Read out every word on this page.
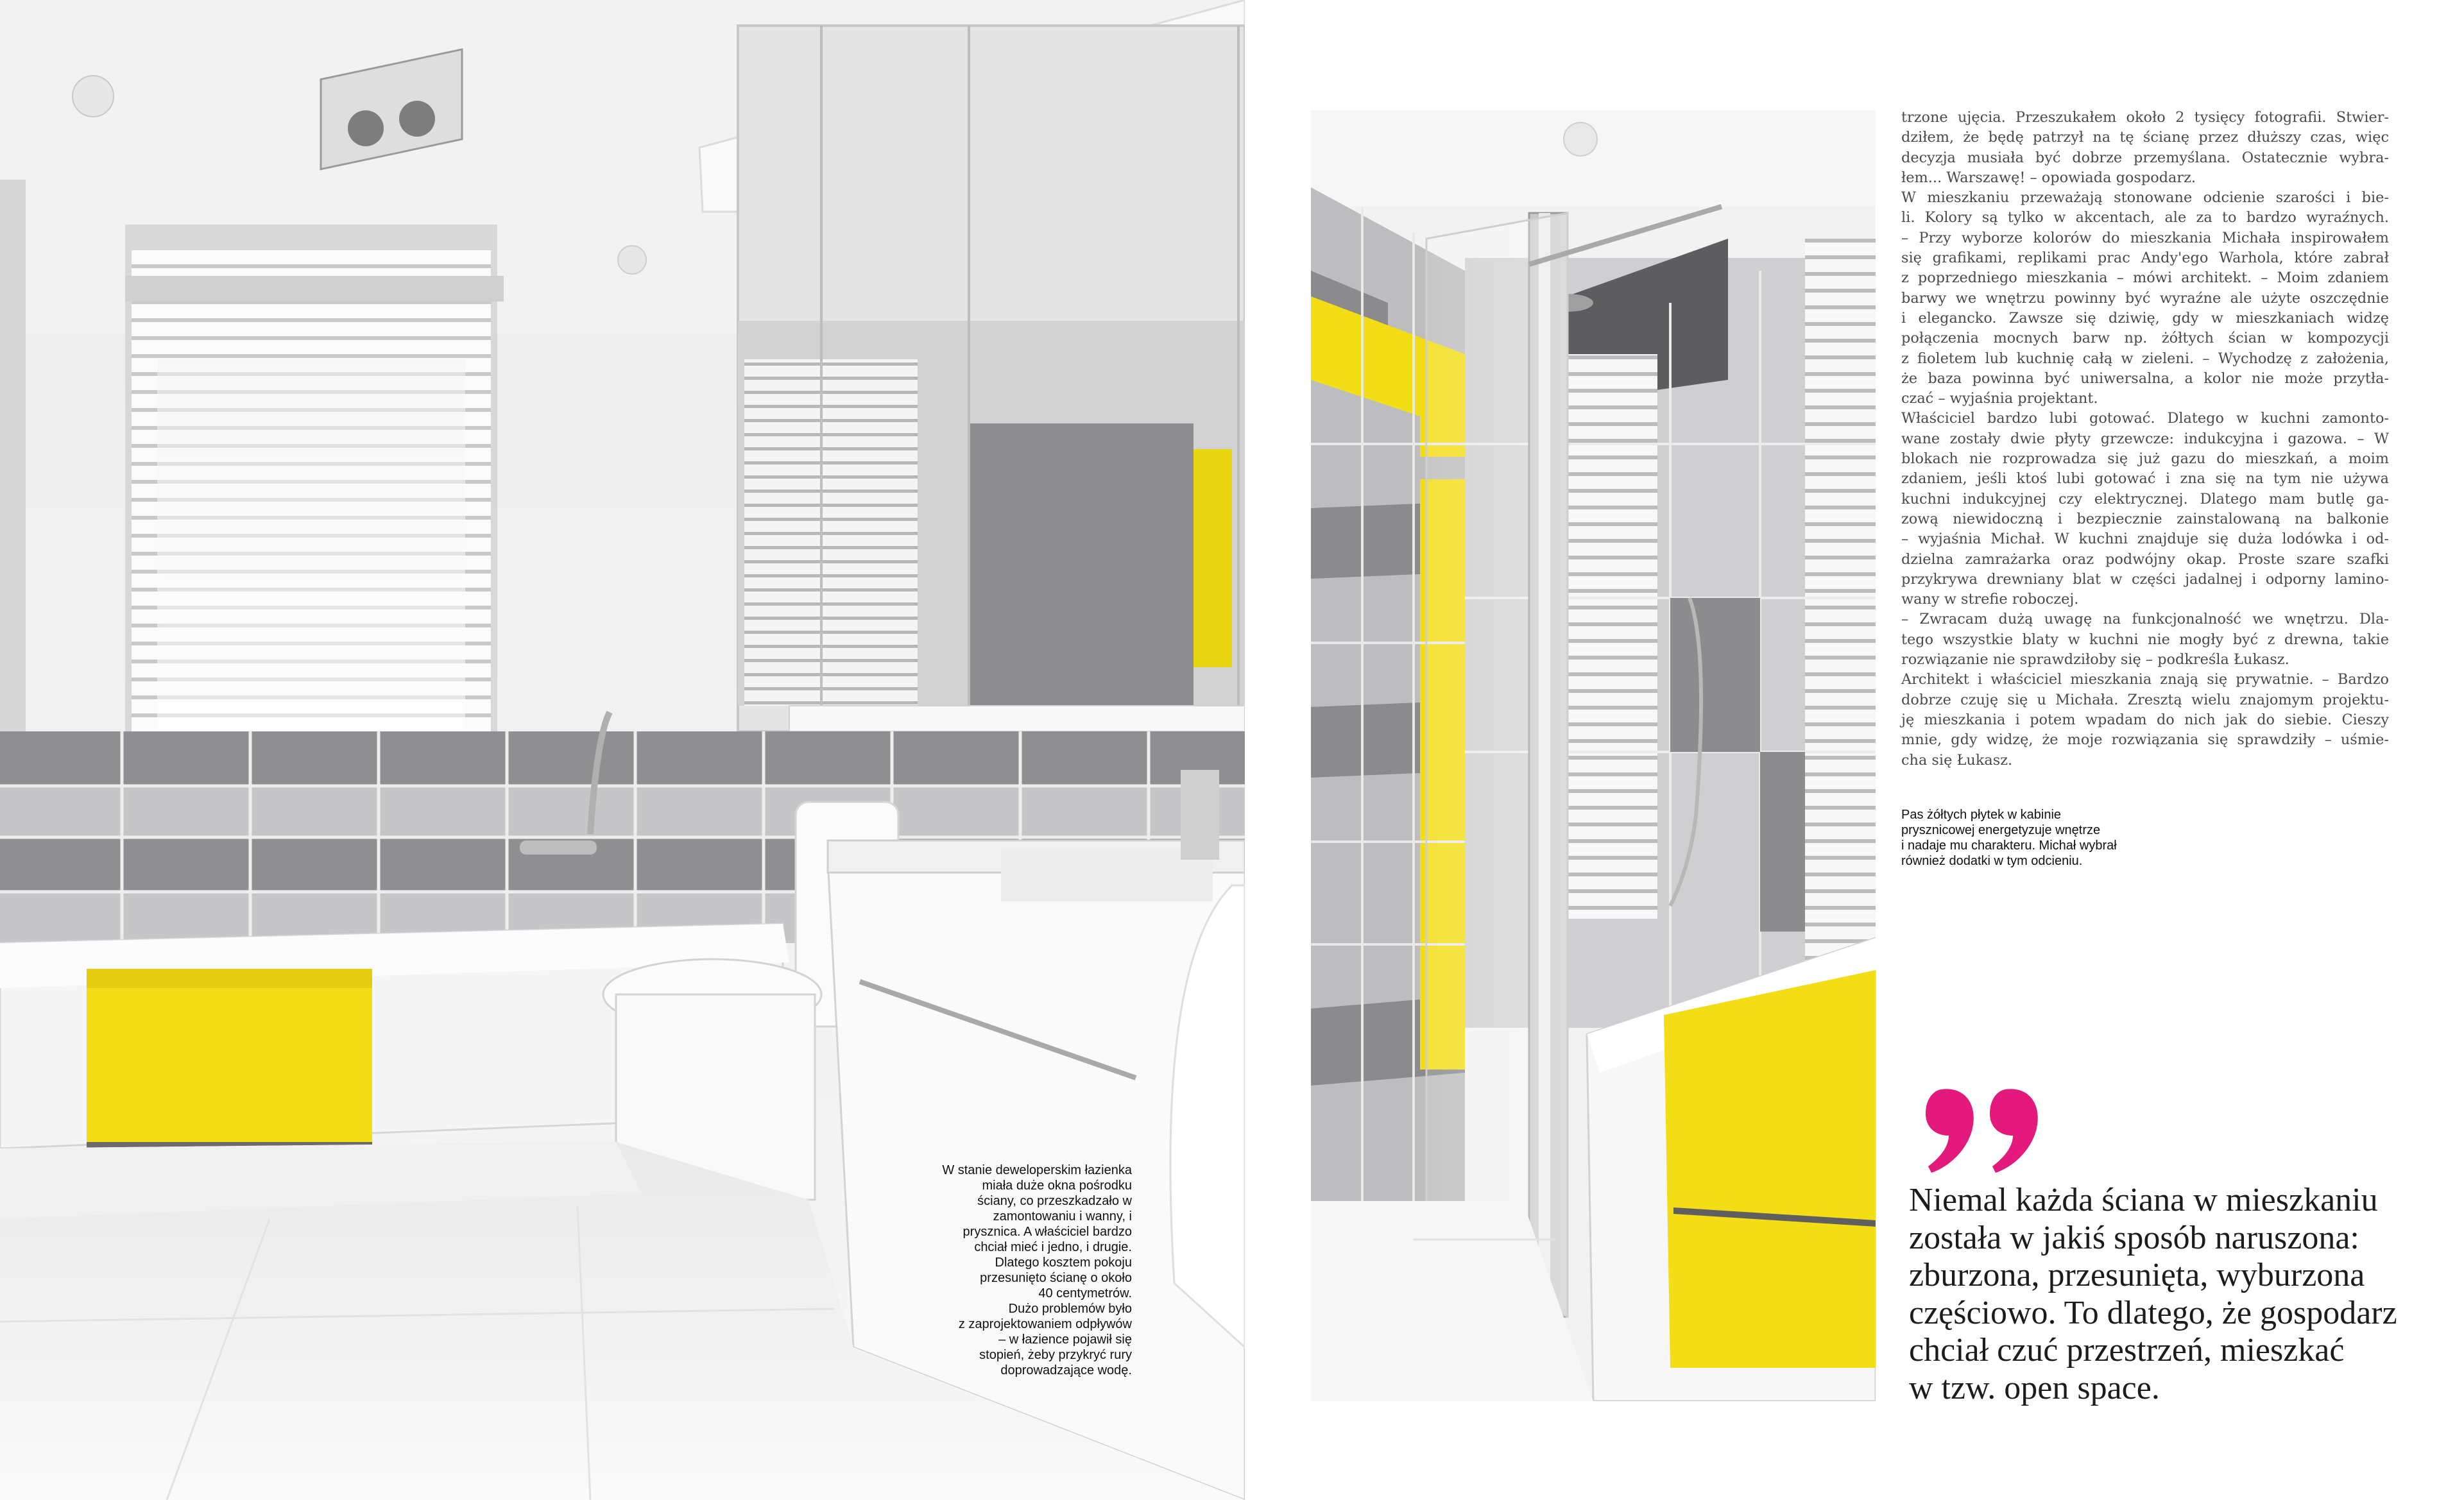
W stanie deweloperskim łazienka
miała duże okna pośrodku
ściany, co przeszkadzało w
zamontowaniu i wanny, i
prysznica. A właściciel bardzo
chciał mieć i jedno, i drugie.
Dlatego kosztem pokoju
przesunięto ścianę o około
40 centymetrów.
Dużo problemów było
z zaprojektowaniem odpływów
– w łazience pojawił się
stopień, żeby przykryć rury
doprowadzające wodę.
trzone ujęcia. Przeszukałem około 2 tysięcy fotografii. Stwier-
dziłem, że będę patrzył na tę ścianę przez dłuższy czas, więc
decyzja musiała być dobrze przemyślana. Ostatecznie wybra-
łem... Warszawę! – opowiada gospodarz.
W mieszkaniu przeważają stonowane odcienie szarości i bie-
li. Kolory są tylko w akcentach, ale za to bardzo wyraźnych.
– Przy wyborze kolorów do mieszkania Michała inspirowałem
się grafikami, replikami prac Andy'ego Warhola, które zabrał
z poprzedniego mieszkania – mówi architekt. – Moim zdaniem
barwy we wnętrzu powinny być wyraźne ale użyte oszczędnie
i elegancko. Zawsze się dziwię, gdy w mieszkaniach widzę
połączenia mocnych barw np. żółtych ścian w kompozycji
z fioletem lub kuchnię całą w zieleni. – Wychodzę z założenia,
że baza powinna być uniwersalna, a kolor nie może przytła-
czać – wyjaśnia projektant.
Właściciel bardzo lubi gotować. Dlatego w kuchni zamonto-
wane zostały dwie płyty grzewcze: indukcyjna i gazowa. – W
blokach nie rozprowadza się już gazu do mieszkań, a moim
zdaniem, jeśli ktoś lubi gotować i zna się na tym nie używa
kuchni indukcyjnej czy elektrycznej. Dlatego mam butlę ga-
zową niewidoczną i bezpiecznie zainstalowaną na balkonie
– wyjaśnia Michał. W kuchni znajduje się duża lodówka i od-
dzielna zamrażarka oraz podwójny okap. Proste szare szafki
przykrywa drewniany blat w części jadalnej i odporny lamino-
wany w strefie roboczej.
– Zwracam dużą uwagę na funkcjonalność we wnętrzu. Dla-
tego wszystkie blaty w kuchni nie mogły być z drewna, takie
rozwiązanie nie sprawdziłoby się – podkreśla Łukasz.
Architekt i właściciel mieszkania znają się prywatnie. – Bardzo
dobrze czuję się u Michała. Zresztą wielu znajomym projektu-
ję mieszkania i potem wpadam do nich jak do siebie. Cieszy
mnie, gdy widzę, że moje rozwiązania się sprawdziły – uśmie-
cha się Łukasz.
Pas żółtych płytek w kabinie
prysznicowej energetyzuje wnętrze
i nadaje mu charakteru. Michał wybrał
również dodatki w tym odcieniu.
Niemal każda ściana w mieszkaniu
została w jakiś sposób naruszona:
zburzona, przesunięta, wyburzona
częściowo. To dlatego, że gospodarz
chciał czuć przestrzeń, mieszkać
w tzw. open space.
